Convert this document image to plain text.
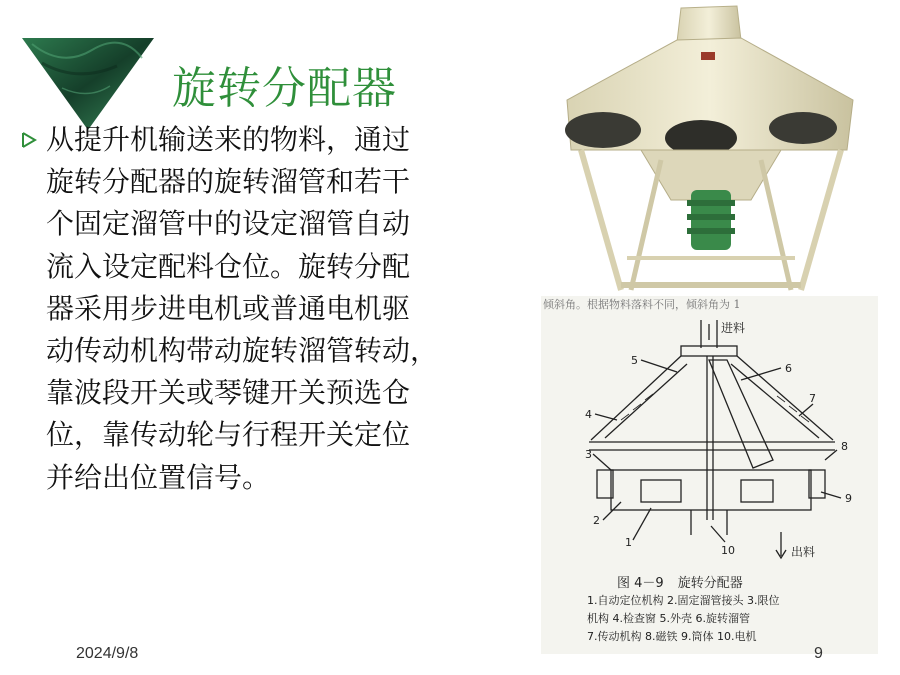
旋转分配器
从提升机输送来的物料，通过
旋转分配器的旋转溜管和若干
个固定溜管中的设定溜管自动
流入设定配料仓位。旋转分配
器采用步进电机或普通电机驱
动传动机构带动旋转溜管转动，
靠波段开关或琴键开关预选仓
位，靠传动轮与行程开关定位
并给出位置信号。
倾斜角。根据物料落料不同，倾斜角为 1
进料
出料
5
6
4
7
3
8
9
2
1
10
图 4－9 旋转分配器
1.自动定位机构 2.固定溜管接头 3.限位
机构 4.检查窗 5.外壳 6.旋转溜管
7.传动机构 8.磁铁 9.筒体 10.电机
2024/9/8	9
